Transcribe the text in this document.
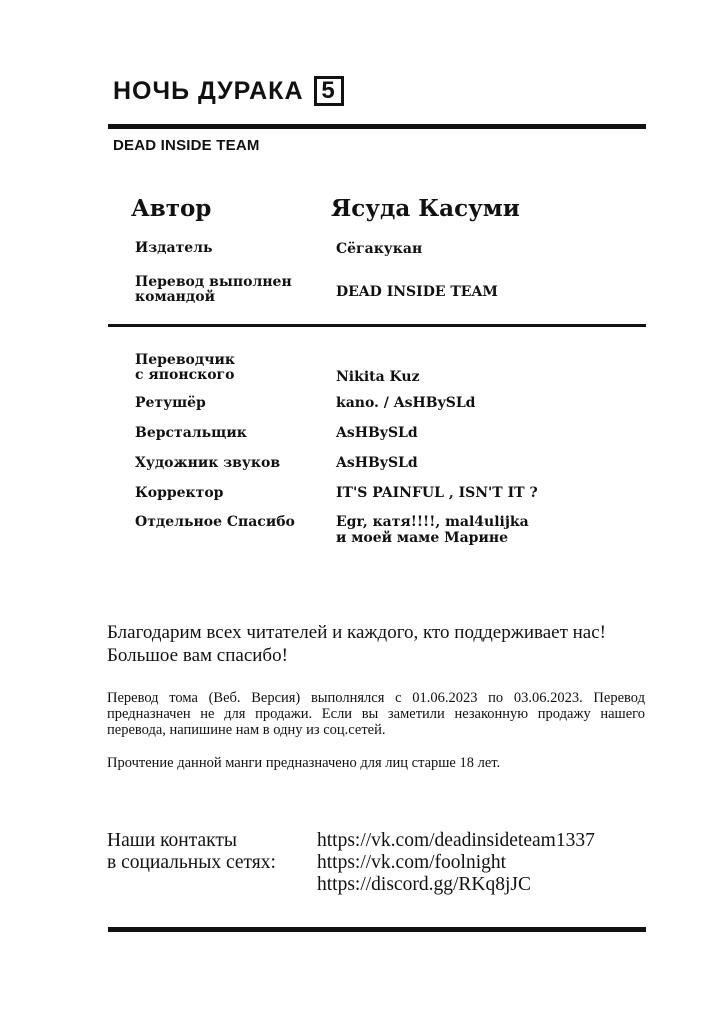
НОЧЬ ДУРАКА 5
DEAD INSIDE TEAM
Автор	Ясуда Касуми
Издатель	Сёгакукан
Перевод выполнен
командой	DEAD INSIDE TEAM
Переводчик
с японского	Nikita Kuz
Ретушёр	kano. / AsHBySLd
Верстальщик	AsHBySLd
Художник звуков	AsHBySLd
Корректор	IT'S PAINFUL , ISN'T IT ?
Отдельное Спасибо	Egr, катя!!!!, mal4ulijka
и моей маме Марине
Благодарим всех читателей и каждого, кто поддерживает нас!
Большое вам спасибо!
Перевод тома (Веб. Версия) выполнялся с 01.06.2023 по 03.06.2023. Перевод предназначен не для продажи. Если вы заметили незаконную продажу нашего перевода, напишине нам в одну из соц.сетей.
Прочтение данной манги предназначено для лиц старше 18 лет.
Наши контакты
в социальных сетях:
https://vk.com/deadinsideteam1337
https://vk.com/foolnight
https://discord.gg/RKq8jJC
